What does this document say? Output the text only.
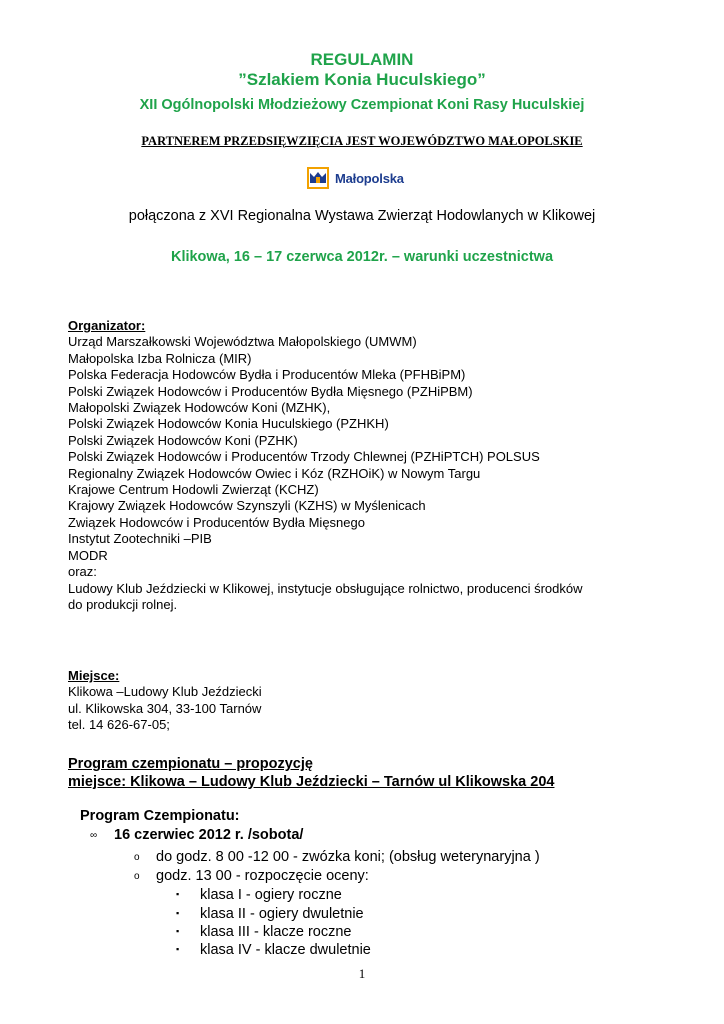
REGULAMIN
”Szlakiem Konia Huculskiego”
XII Ogólnopolski Młodzieżowy Czempionat Koni Rasy Huculskiej
PARTNEREM PRZEDSIĘWZIĘCIA JEST WOJEWÓDZTWO MAŁOPOLSKIE
Małopolska
połączona z XVI Regionalna Wystawa Zwierząt Hodowlanych w Klikowej
Klikowa, 16 – 17 czerwca 2012r. – warunki uczestnictwa
Organizator:
Urząd Marszałkowski Województwa Małopolskiego (UMWM)
Małopolska Izba Rolnicza (MIR)
Polska Federacja Hodowców Bydła i Producentów Mleka (PFHBiPM)
Polski Związek Hodowców i Producentów Bydła Mięsnego (PZHiPBM)
Małopolski Związek Hodowców Koni (MZHK),
Polski Związek Hodowców Konia Huculskiego (PZHKH)
Polski Związek Hodowców Koni (PZHK)
Polski Związek Hodowców i Producentów Trzody Chlewnej (PZHiPTCH) POLSUS
Regionalny Związek Hodowców Owiec i Kóz (RZHOiK) w Nowym Targu
Krajowe Centrum Hodowli Zwierząt (KCHZ)
Krajowy Związek Hodowców Szynszyli (KZHS) w Myślenicach
Związek Hodowców i Producentów Bydła Mięsnego
Instytut Zootechniki –PIB
MODR
oraz:
Ludowy Klub Jeździecki w Klikowej, instytucje obsługujące rolnictwo, producenci środków
do produkcji rolnej.
Miejsce:
Klikowa –Ludowy Klub Jeździecki
ul. Klikowska 304, 33-100 Tarnów
tel. 14 626-67-05;
Program czempionatu – propozycję
miejsce: Klikowa – Ludowy Klub Jeździecki – Tarnów ul Klikowska 204
Program Czempionatu:
∞ 16 czerwiec 2012 r. /sobota/
o do godz. 8 00 -12 00 - zwózka koni; (obsług weterynaryjna )
o godz. 13 00 - rozpoczęcie oceny:
▪ klasa I - ogiery roczne
▪ klasa II - ogiery dwuletnie
▪ klasa III - klacze roczne
▪ klasa IV - klacze dwuletnie
1
